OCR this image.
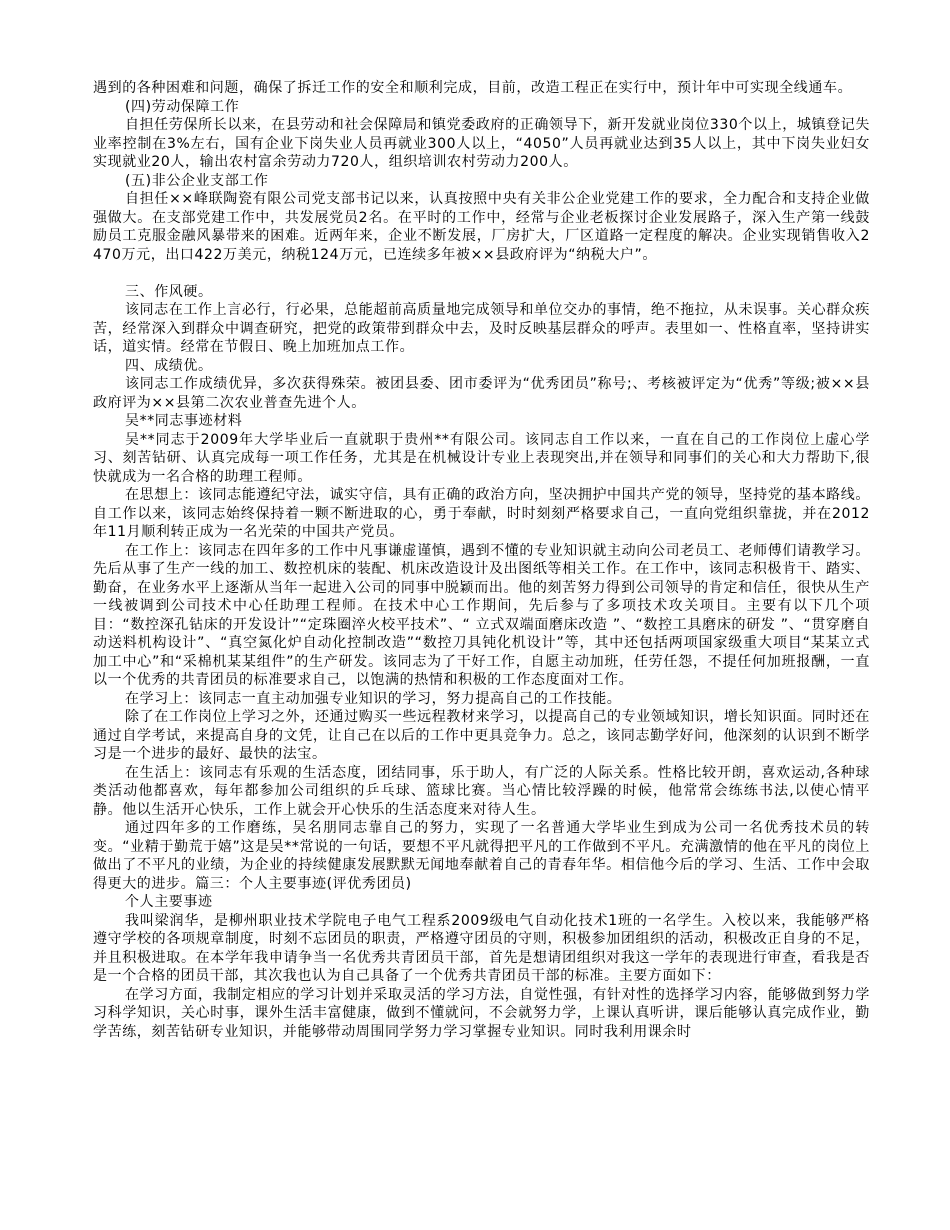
遇到的各种困难和问题，确保了拆迁工作的安全和顺利完成，目前，改造工程正在实行中，预计年中可实现全线通车。

(四)劳动保障工作

自担任劳保所长以来，在县劳动和社会保障局和镇党委政府的正确领导下，新开发就业岗位330个以上，城镇登记失业率控制在3%左右，国有企业下岗失业人员再就业300人以上，“4050”人员再就业达到35人以上，其中下岗失业妇女实现就业20人，输出农村富余劳动力720人，组织培训农村劳动力200人。

(五)非公企业支部工作

自担任××峰联陶瓷有限公司党支部书记以来，认真按照中央有关非公企业党建工作的要求，全力配合和支持企业做强做大。在支部党建工作中，共发展党员2名。在平时的工作中，经常与企业老板探讨企业发展路子，深入生产第一线鼓励员工克服金融风暴带来的困难。近两年来，企业不断发展，厂房扩大，厂区道路一定程度的解决。企业实现销售收入2470万元，出口422万美元，纳税124万元，已连续多年被××县政府评为“纳税大户”。

三、作风硬。

该同志在工作上言必行，行必果，总能超前高质量地完成领导和单位交办的事情，绝不拖拉，从未误事。关心群众疾苦，经常深入到群众中调查研究，把党的政策带到群众中去，及时反映基层群众的呼声。表里如一、性格直率，坚持讲实话，道实情。经常在节假日、晚上加班加点工作。

四、成绩优。

该同志工作成绩优异，多次获得殊荣。被团县委、团市委评为“优秀团员”称号;、考核被评定为“优秀”等级;被××县政府评为××县第二次农业普查先进个人。

吴**同志事迹材料

吴**同志于2009年大学毕业后一直就职于贵州**有限公司。该同志自工作以来，一直在自己的工作岗位上虚心学习、刻苦钻研、认真完成每一项工作任务，尤其是在机械设计专业上表现突出,并在领导和同事们的关心和大力帮助下,很快就成为一名合格的助理工程师。

在思想上：该同志能遵纪守法，诚实守信，具有正确的政治方向，坚决拥护中国共产党的领导，坚持党的基本路线。自工作以来，该同志始终保持着一颗不断进取的心，勇于奉献，时时刻刻严格要求自己，一直向党组织靠拢，并在2012年11月顺利转正成为一名光荣的中国共产党员。

在工作上：该同志在四年多的工作中凡事谦虚谨慎，遇到不懂的专业知识就主动向公司老员工、老师傅们请教学习。先后从事了生产一线的加工、数控机床的装配、机床改造设计及出图纸等相关工作。在工作中，该同志积极肯干、踏实、勤奋，在业务水平上逐渐从当年一起进入公司的同事中脱颖而出。他的刻苦努力得到公司领导的肯定和信任，很快从生产一线被调到公司技术中心任助理工程师。在技术中心工作期间，先后参与了多项技术攻关项目。主要有以下几个项目：“数控深孔钻床的开发设计”“定珠圈淬火校平技术”、“ 立式双端面磨床改造 ”、“数控工具磨床的研发 ”、“贯穿磨自动送料机构设计”、“真空氮化炉自动化控制改造”“数控刀具钝化机设计”等，其中还包括两项国家级重大项目“某某立式加工中心”和“采棉机某某组件”的生产研发。该同志为了干好工作，自愿主动加班，任劳任怨，不提任何加班报酬，一直以一个优秀的共青团员的标准要求自己，以饱满的热情和积极的工作态度面对工作。

在学习上：该同志一直主动加强专业知识的学习，努力提高自己的工作技能。

除了在工作岗位上学习之外，还通过购买一些远程教材来学习，以提高自己的专业领域知识，增长知识面。同时还在通过自学考试，来提高自身的文凭，让自己在以后的工作中更具竞争力。总之，该同志勤学好问，他深刻的认识到不断学习是一个进步的最好、最快的法宝。

在生活上：该同志有乐观的生活态度，团结同事，乐于助人，有广泛的人际关系。性格比较开朗，喜欢运动,各种球类活动他都喜欢，每年都参加公司组织的乒乓球、篮球比赛。当心情比较浮躁的时候，他常常会练练书法,以使心情平静。他以生活开心快乐，工作上就会开心快乐的生活态度来对待人生。

通过四年多的工作磨练，吴名朋同志靠自己的努力，实现了一名普通大学毕业生到成为公司一名优秀技术员的转变。“业精于勤荒于嬉”这是吴**常说的一句话，要想不平凡就得把平凡的工作做到不平凡。充满激情的他在平凡的岗位上做出了不平凡的业绩，为企业的持续健康发展默默无闻地奉献着自己的青春年华。相信他今后的学习、生活、工作中会取得更大的进步。篇三：个人主要事迹(评优秀团员)

个人主要事迹

我叫梁润华，是柳州职业技术学院电子电气工程系2009级电气自动化技术1班的一名学生。入校以来，我能够严格遵守学校的各项规章制度，时刻不忘团员的职责，严格遵守团员的守则，积极参加团组织的活动，积极改正自身的不足，并且积极进取。在本学年我申请争当一名优秀共青团员干部，首先是想请团组织对我这一学年的表现进行审查，看我是否是一个合格的团员干部，其次我也认为自己具备了一个优秀共青团员干部的标准。主要方面如下：

在学习方面，我制定相应的学习计划并采取灵活的学习方法，自觉性强，有针对性的选择学习内容，能够做到努力学习科学知识，关心时事，课外生活丰富健康，做到不懂就问，不会就努力学，上课认真听讲，课后能够认真完成作业，勤学苦练，刻苦钻研专业知识，并能够带动周围同学努力学习掌握专业知识。同时我利用课余时
